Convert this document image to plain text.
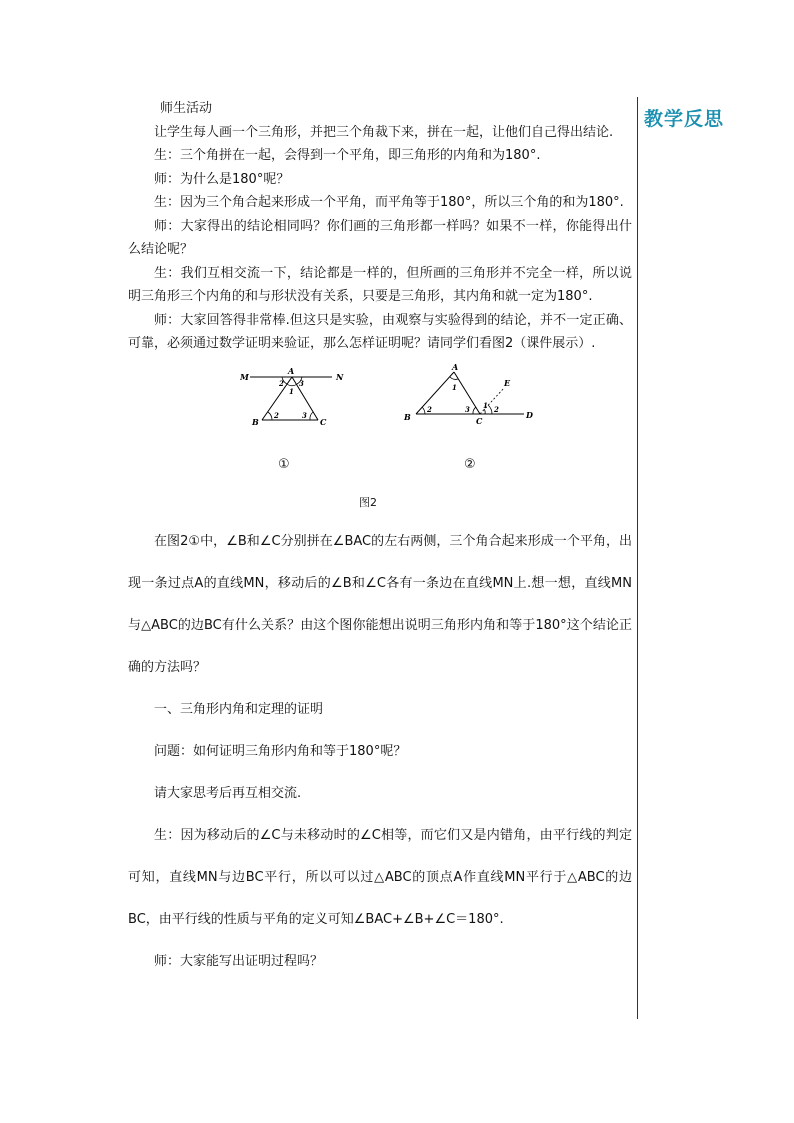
教学反思

师生活动

让学生每人画一个三角形，并把三个角裁下来，拼在一起，让他们自己得出结论.

生：三个角拼在一起，会得到一个平角，即三角形的内角和为180°.

师：为什么是180°呢？

生：因为三个角合起来形成一个平角，而平角等于180°，所以三个角的和为180°.

师：大家得出的结论相同吗？你们画的三角形都一样吗？如果不一样，你能得出什么结论呢？

生：我们互相交流一下，结论都是一样的，但所画的三角形并不完全一样，所以说明三角形三个内角的和与形状没有关系，只要是三角形，其内角和就一定为180°.

师：大家回答得非常棒.但这只是实验，由观察与实验得到的结论，并不一定正确、可靠，必须通过数学证明来验证，那么怎样证明呢？请同学们看图2（课件展示）.

M
A
N
B	C
1
2 3
2	3
A
B	C
D
E
1
2	3 1 2
①	②
图2

在图2①中，∠B和∠C分别拼在∠BAC的左右两侧，三个角合起来形成一个平角，出现一条过点A的直线MN，移动后的∠B和∠C各有一条边在直线MN上.想一想，直线MN与△ABC的边BC有什么关系？由这个图你能想出说明三角形内角和等于180°这个结论正确的方法吗？

一、三角形内角和定理的证明

问题：如何证明三角形内角和等于180°呢？

请大家思考后再互相交流.

生：因为移动后的∠C与未移动时的∠C相等，而它们又是内错角，由平行线的判定可知，直线MN与边BC平行，所以可以过△ABC的顶点A作直线MN平行于△ABC的边BC，由平行线的性质与平角的定义可知∠BAC+∠B+∠C＝180°.

师：大家能写出证明过程吗？
